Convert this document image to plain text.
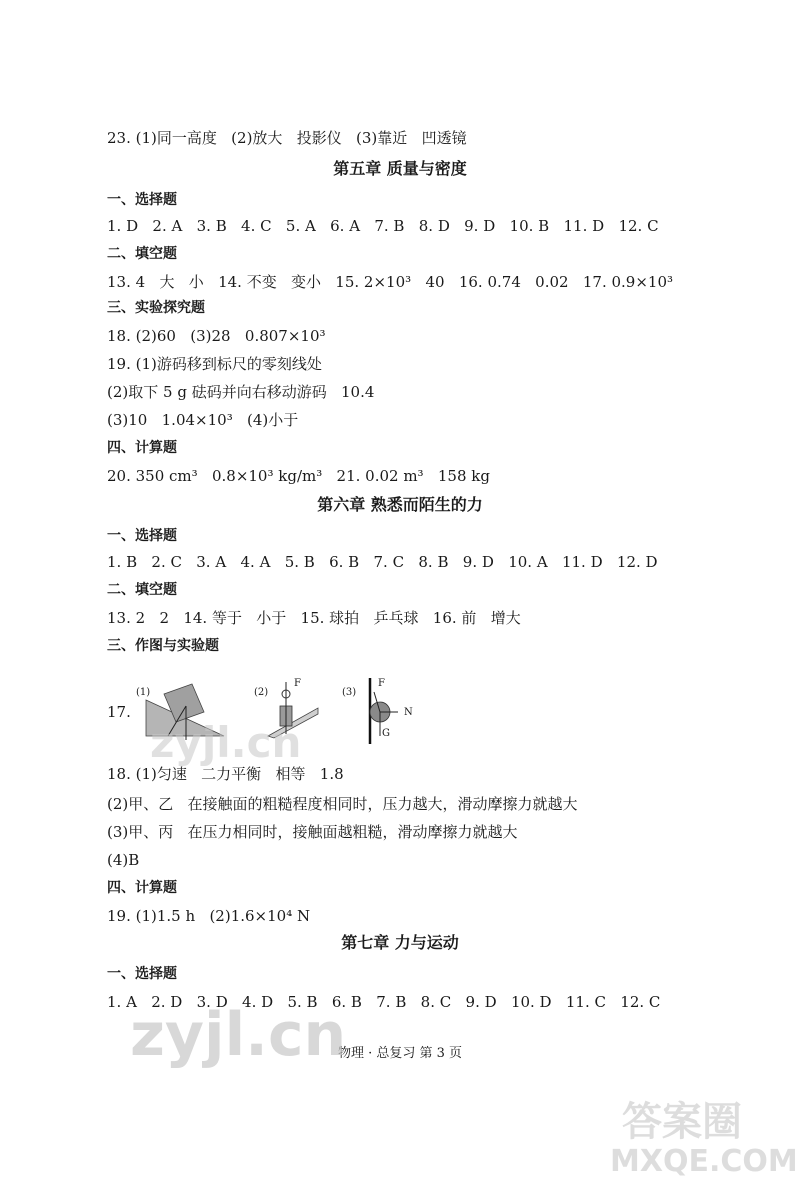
23. (1)同一高度   (2)放大   投影仪   (3)靠近   凹透镜
第五章 质量与密度
一、选择题
1. D   2. A   3. B   4. C   5. A   6. A   7. B   8. D   9. D   10. B   11. D   12. C
二、填空题
13. 4   大   小   14. 不变   变小   15. 2×10³   40   16. 0.74   0.02   17. 0.9×10³
三、实验探究题
18. (2)60   (3)28   0.807×10³
19. (1)游码移到标尺的零刻线处
(2)取下 5 g 砝码并向右移动游码   10.4
(3)10   1.04×10³   (4)小于
四、计算题
20. 350 cm³   0.8×10³ kg/m³   21. 0.02 m³   158 kg
第六章 熟悉而陌生的力
一、选择题
1. B   2. C   3. A   4. A   5. B   6. B   7. C   8. B   9. D   10. A   11. D   12. D
二、填空题
13. 2   2   14. 等于   小于   15. 球拍   乒乓球   16. 前   增大
三、作图与实验题
17.
(1)	(2)	(3)
F	F
G
N
18. (1)匀速   二力平衡   相等   1.8
(2)甲、乙   在接触面的粗糙程度相同时，压力越大，滑动摩擦力就越大
(3)甲、丙   在压力相同时，接触面越粗糙，滑动摩擦力就越大
(4)B
四、计算题
19. (1)1.5 h   (2)1.6×10⁴ N
第七章 力与运动
一、选择题
1. A   2. D   3. D   4. D   5. B   6. B   7. B   8. C   9. D   10. D   11. C   12. C
物理 · 总复习 第 3 页
zyjl.cn
zyjl.cn
答案圈
MXQE.COM
